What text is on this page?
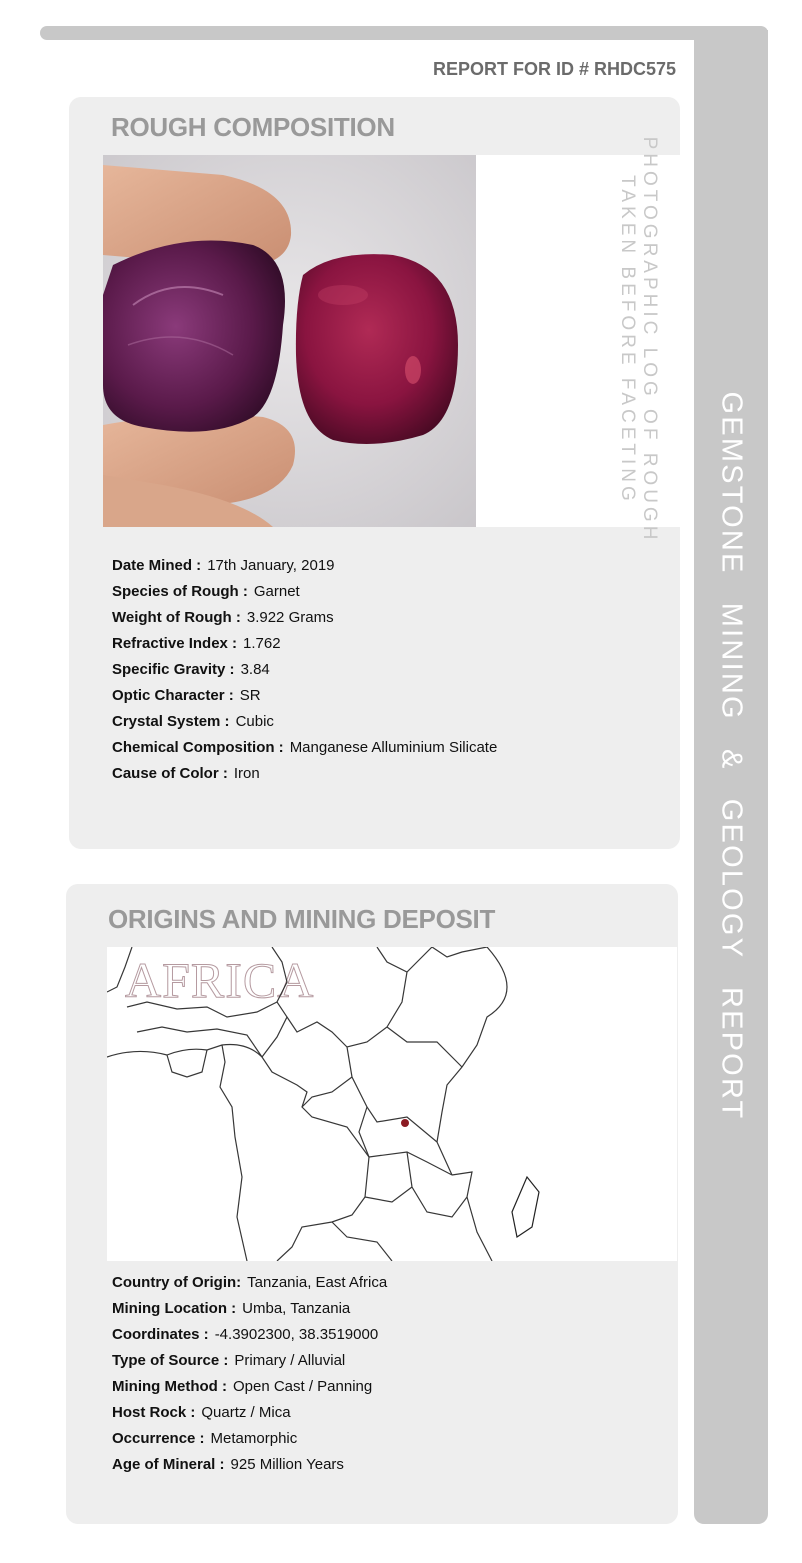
GEMSTONE MINING & GEOLOGY REPORT
REPORT FOR ID # RHDC575
ROUGH COMPOSITION
PHOTOGRAPHIC LOG OF ROUGH
TAKEN BEFORE FACETING
Date Mined : 17th January, 2019
Species of Rough : Garnet
Weight of Rough : 3.922 Grams
Refractive Index : 1.762
Specific Gravity : 3.84
Optic Character : SR
Crystal System : Cubic
Chemical Composition : Manganese Alluminium Silicate
Cause of Color : Iron
ORIGINS AND MINING DEPOSIT
AFRICA
Country of Origin: Tanzania, East Africa
Mining Location : Umba, Tanzania
Coordinates : -4.3902300, 38.3519000
Type of Source : Primary / Alluvial
Mining Method : Open Cast / Panning
Host Rock : Quartz / Mica
Occurrence : Metamorphic
Age of Mineral : 925 Million Years
